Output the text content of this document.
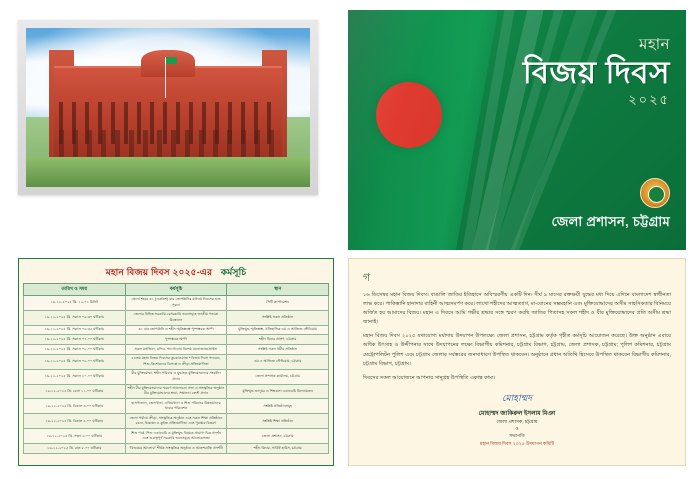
মহান
বিজয় দিবস
২০২৫
জেলা প্রশাসন, চট্টগ্রাম
মহান বিজয় দিবস ২০২৫-এর কর্মসূচি
তারিখ ও সময়	কর্মসূচি	স্থান
১৬-১২-২০২৫ খ্রি. ১২-০১ মিনিট	জেলা শহরে ৩১ (একত্রিশ) বার তোপধ্বনির মাধ্যমে দিবসের শুভ সূচনা	সিটি কর্পোরেশন
১৬-১২-২০২৫ খ্রি. সকাল ০৬.৩০ ঘটিকায়	জেলার বিভিন্ন সরকারি-বেসরকারি ভবনসমূহে জাতীয় পতাকা উত্তোলন	সংশ্লিষ্ট সকল প্রতিষ্ঠান
১৬-১২-২০২৫ খ্রি. সকাল ০৬.৩৫ ঘটিকায়	৩১ বার তোপধ্বনি ও শহীদ স্মৃতিস্তম্ভে পুষ্পস্তবক অর্পণ	মুক্তিযুদ্ধ স্মৃতিস্তম্ভ, ঐতিহাসিক এম এ আজিজ স্টেডিয়াম
১৬-১২-২০২৫ খ্রি. সকাল ০৭.০০ ঘটিকায়	পুষ্পস্তবক অর্পণ	শহীদ মিনার প্রাঙ্গণ, চট্টগ্রাম
১৬-১২-২০২৫ খ্রি. সকাল ০৮.০০ ঘটিকায়	সকল মসজিদে, মন্দির, প্যাগোডায় বিশেষ মোনাজাত/প্রার্থনা	সংশ্লিষ্ট সকল ধর্মীয় প্রতিষ্ঠান
১৬-১২-২০২৫ খ্রি. সকাল ০৯.০০ ঘটিকায়	৫৪তম মহান বিজয় দিবসের কুচকাওয়াজ * বিজয় দিবস প্যারেড, শিশু-কিশোরদের ডিসপ্লে ও ক্রীড়া প্রতিযোগিতা	এম এ আজিজ স্টেডিয়াম, চট্টগ্রাম
১৬-১২-২০২৫ খ্রি. সকাল ১০.০০ ঘটিকায়	বীর মুক্তিযোদ্ধা, শহীদ পরিবার ও যুদ্ধাহত মুক্তিযোদ্ধাদের সংবর্ধনা প্রদান	জেলা প্রশাসক কার্যালয়, চট্টগ্রাম
১৬-১২-২০২৫ খ্রি. বেলা ১১.০০ ঘটিকায়	শহীদ বীর মুক্তিযোদ্ধাদের স্মরণে আলোচনা সভা ও সাংস্কৃতিক অনুষ্ঠান বীর মুক্তিযোদ্ধাদের শ্রদ্ধা, সম্মাননা ক্রেস্ট প্রদান	মুক্তিযুদ্ধ জাদুঘর ও শিল্পকলা একাডেমি মিলনায়তন
১৬-১২-২০২৫ খ্রি. বিকাল ৩.০০ ঘটিকায়	হাসপাতাল, জেলখানা, এতিমখানা ও শিশু পরিবারে উন্নতমানের খাবার পরিবেশন	সংশ্লিষ্ট প্রতিষ্ঠানসমূহ
১৬-১২-২০২৫ খ্রি. বিকাল ৪.০০ ঘটিকায়	জেলা পর্যায়ে ক্রীড়া, সাংস্কৃতিক অনুষ্ঠান এবং সকল শিক্ষা প্রতিষ্ঠানে রচনা, চিত্রাঙ্কন ও কুইজ প্রতিযোগিতা এবং পুরস্কার বিতরণ	সংশ্লিষ্ট শিক্ষা প্রতিষ্ঠান
১৬-১২-২০২৫ খ্রি. সন্ধ্যা ৬.০০ ঘটিকায়	শিশু পার্ক, শিশু একাডেমি ও মুক্তিযুদ্ধ বিষয়ক প্রামাণ্য চিত্র প্রদর্শন এবং গুরুত্বপূর্ণ সরকারি ভবনসমূহে আলোকসজ্জা	জেলা প্রশাসন, চট্টগ্রাম
১৬-১২-২০২৫ খ্রি. রাত ৮.০০ ঘটিকায়	"বিজয়ের আলোয়" শীর্ষক সাংস্কৃতিক অনুষ্ঠান ও আতশবাজি প্রদর্শনী	শহীদ মিনার, সার্কিট হাউস, চট্টগ্রাম
গ

১৬ ডিসেম্বর মহান বিজয় দিবস। বাঙালি জাতির ইতিহাসে অবিস্মরণীয় একটি দিন। দীর্ঘ ৯ মাসের রক্তক্ষয়ী যুদ্ধের মধ্য দিয়ে এদিনে বাংলাদেশ স্বাধীনতা লাভ করে। পাকিস্তানি হানাদার বাহিনী আত্মসমর্পণ করে। লাখো শহীদের আত্মত্যাগ, মা-বোনের সম্ভ্রমহানি এবং মুক্তিযোদ্ধাদের অসীম সাহসিকতার বিনিময়ে অর্জিত হয় আমাদের বিজয়। মহান এ দিবসে আমি গভীর শ্রদ্ধার সঙ্গে স্মরণ করছি জাতির পিতাসহ সকল শহীদ ও বীর মুক্তিযোদ্ধাদের প্রতি অসীম শ্রদ্ধা জানাই।

মহান বিজয় দিবস ২০২৫ যথাযোগ্য মর্যাদায় উদযাপন উপলক্ষ্যে জেলা প্রশাসন, চট্টগ্রাম কর্তৃক গৃহীত কর্মসূচি আয়োজন করেছে। উক্ত অনুষ্ঠান এবারে অধিক উৎসাহ ও উদ্দীপনার সাথে উদযাপনের লক্ষ্যে বিভাগীয় কমিশনার, চট্টগ্রাম বিভাগ, চট্টগ্রাম, জেলা প্রশাসক, চট্টগ্রাম; পুলিশ কমিশনার, চট্টগ্রাম মেট্রোপলিটন পুলিশ এবং চট্টগ্রাম জেলার সর্বস্তরের জনসাধারণ উপস্থিত থাকবেন। অনুষ্ঠানে প্রধান অতিথি হিসেবে উপস্থিত থাকবেন বিভাগীয় কমিশনার, চট্টগ্রাম বিভাগ, চট্টগ্রাম।

দিবসের সকল আয়োজনে আপনার সানুগ্রহ উপস্থিতি একান্ত কাম্য।

মোহাম্মদ
মোহাম্মদ জাকিরুল ইসলাম মিঞা
জেলা প্রশাসক, চট্টগ্রাম
ও
সভাপতি
মহান বিজয় দিবস ২০২৫ উদযাপন কমিটি
